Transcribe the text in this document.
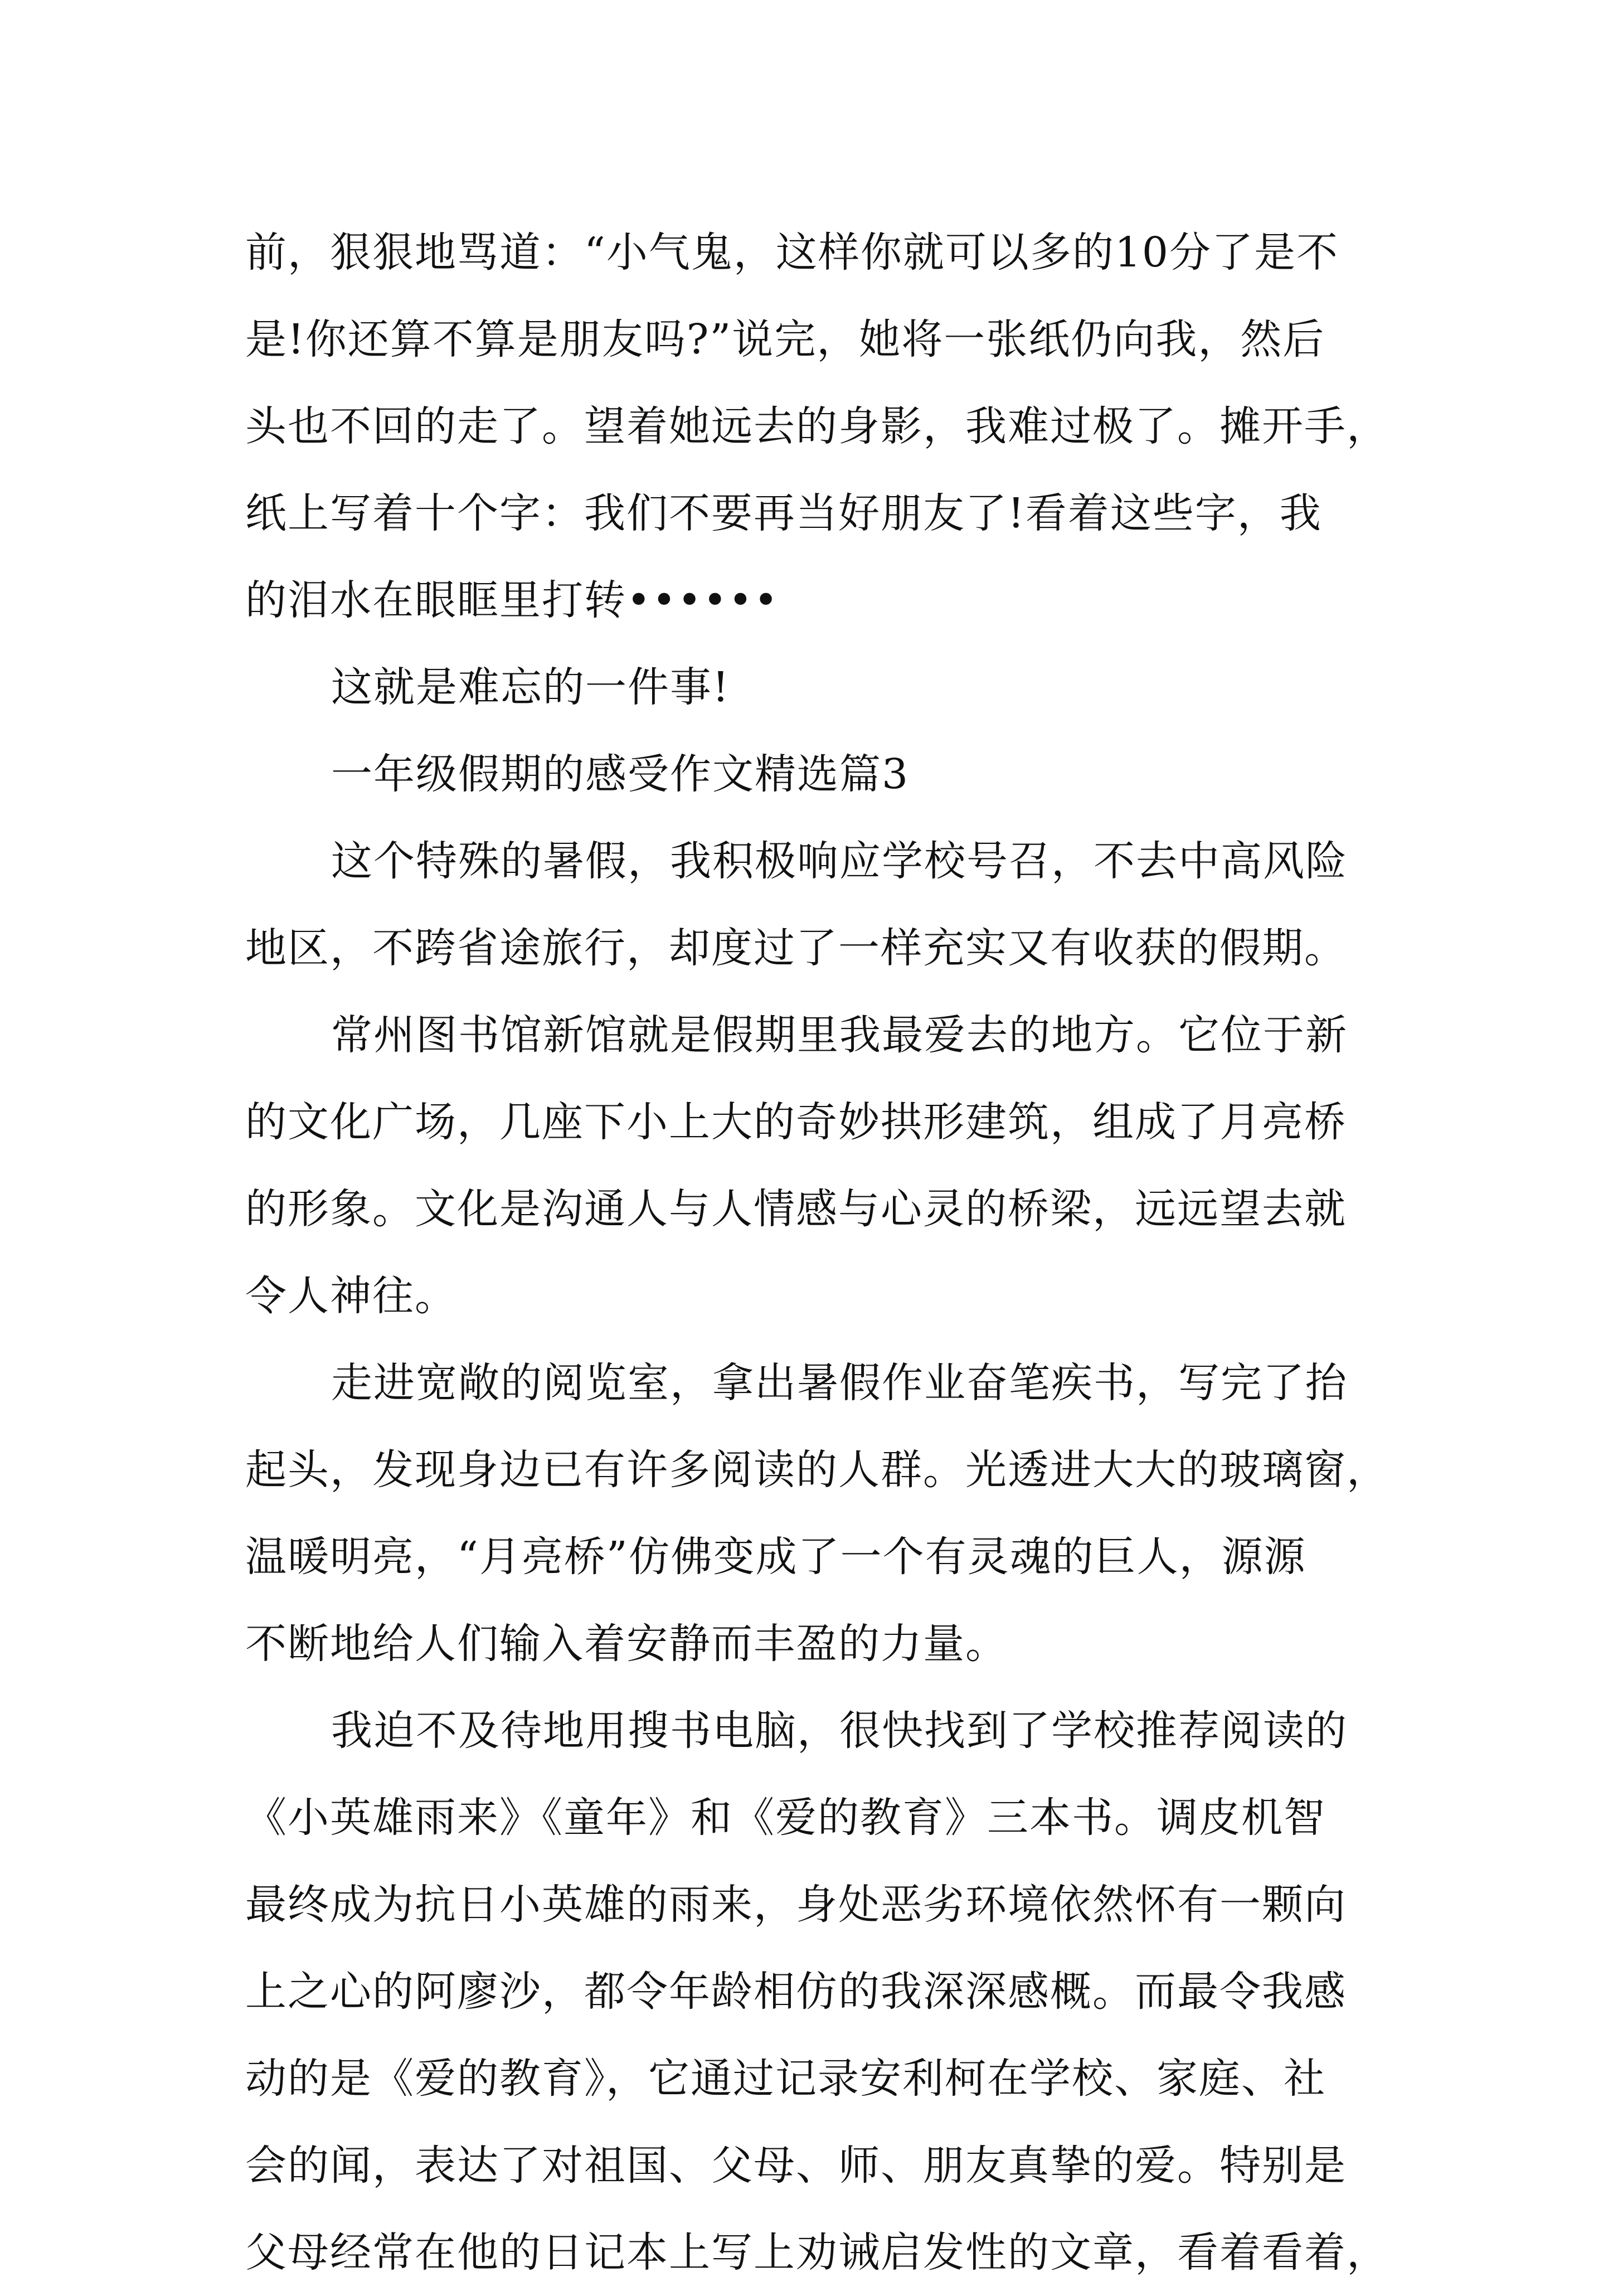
前，狠狠地骂道：“小气鬼，这样你就可以多的10分了是不
是!你还算不算是朋友吗?”说完，她将一张纸仍向我，然后
头也不回的走了。望着她远去的身影，我难过极了。摊开手，
纸上写着十个字：我们不要再当好朋友了!看着这些字，我
的泪水在眼眶里打转••••••
这就是难忘的一件事!
一年级假期的感受作文精选篇3
这个特殊的暑假，我积极响应学校号召，不去中高风险
地区，不跨省途旅行，却度过了一样充实又有收获的假期。
常州图书馆新馆就是假期里我最爱去的地方。它位于新
的文化广场，几座下小上大的奇妙拱形建筑，组成了月亮桥
的形象。文化是沟通人与人情感与心灵的桥梁，远远望去就
令人神往。
走进宽敞的阅览室，拿出暑假作业奋笔疾书，写完了抬
起头，发现身边已有许多阅读的人群。光透进大大的玻璃窗，
温暖明亮，“月亮桥”仿佛变成了一个有灵魂的巨人，源源
不断地给人们输入着安静而丰盈的力量。
我迫不及待地用搜书电脑，很快找到了学校推荐阅读的
《小英雄雨来》《童年》和《爱的教育》三本书。调皮机智
最终成为抗日小英雄的雨来，身处恶劣环境依然怀有一颗向
上之心的阿廖沙，都令年龄相仿的我深深感概。而最令我感
动的是《爱的教育》，它通过记录安利柯在学校、家庭、社
会的闻，表达了对祖国、父母、师、朋友真挚的爱。特别是
父母经常在他的日记本上写上劝诫启发性的文章，看着看着，
